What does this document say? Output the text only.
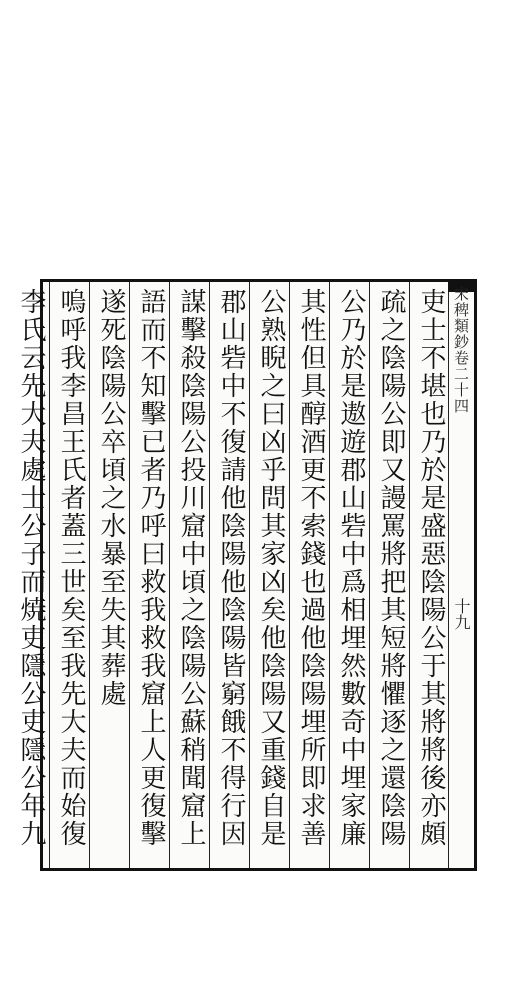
吏士不堪也乃於是盛惡陰陽公于其將將後亦頗
疏之陰陽公即又謾罵將把其短將懼逐之還陰陽
公乃於是遨遊郡山砦中爲相埋然數奇中埋家廉
其性但具醇酒更不索錢也過他陰陽埋所即求善
公熟睨之曰凶乎問其家凶矣他陰陽又重錢自是
郡山砦中不復請他陰陽他陰陽皆窮餓不得行因
謀擊殺陰陽公投川窟中頃之陰陽公蘇稍聞窟上
語而不知擊已者乃呼曰救我救我窟上人更復擊
遂死陰陽公卒頃之水暴至失其葬處
嗚呼我李昌王氏者蓋三世矣至我先大夫而始復
李氏云先大夫處士公子而焼吏隱公吏隱公年九	宋稗類鈔卷二十四
十九
